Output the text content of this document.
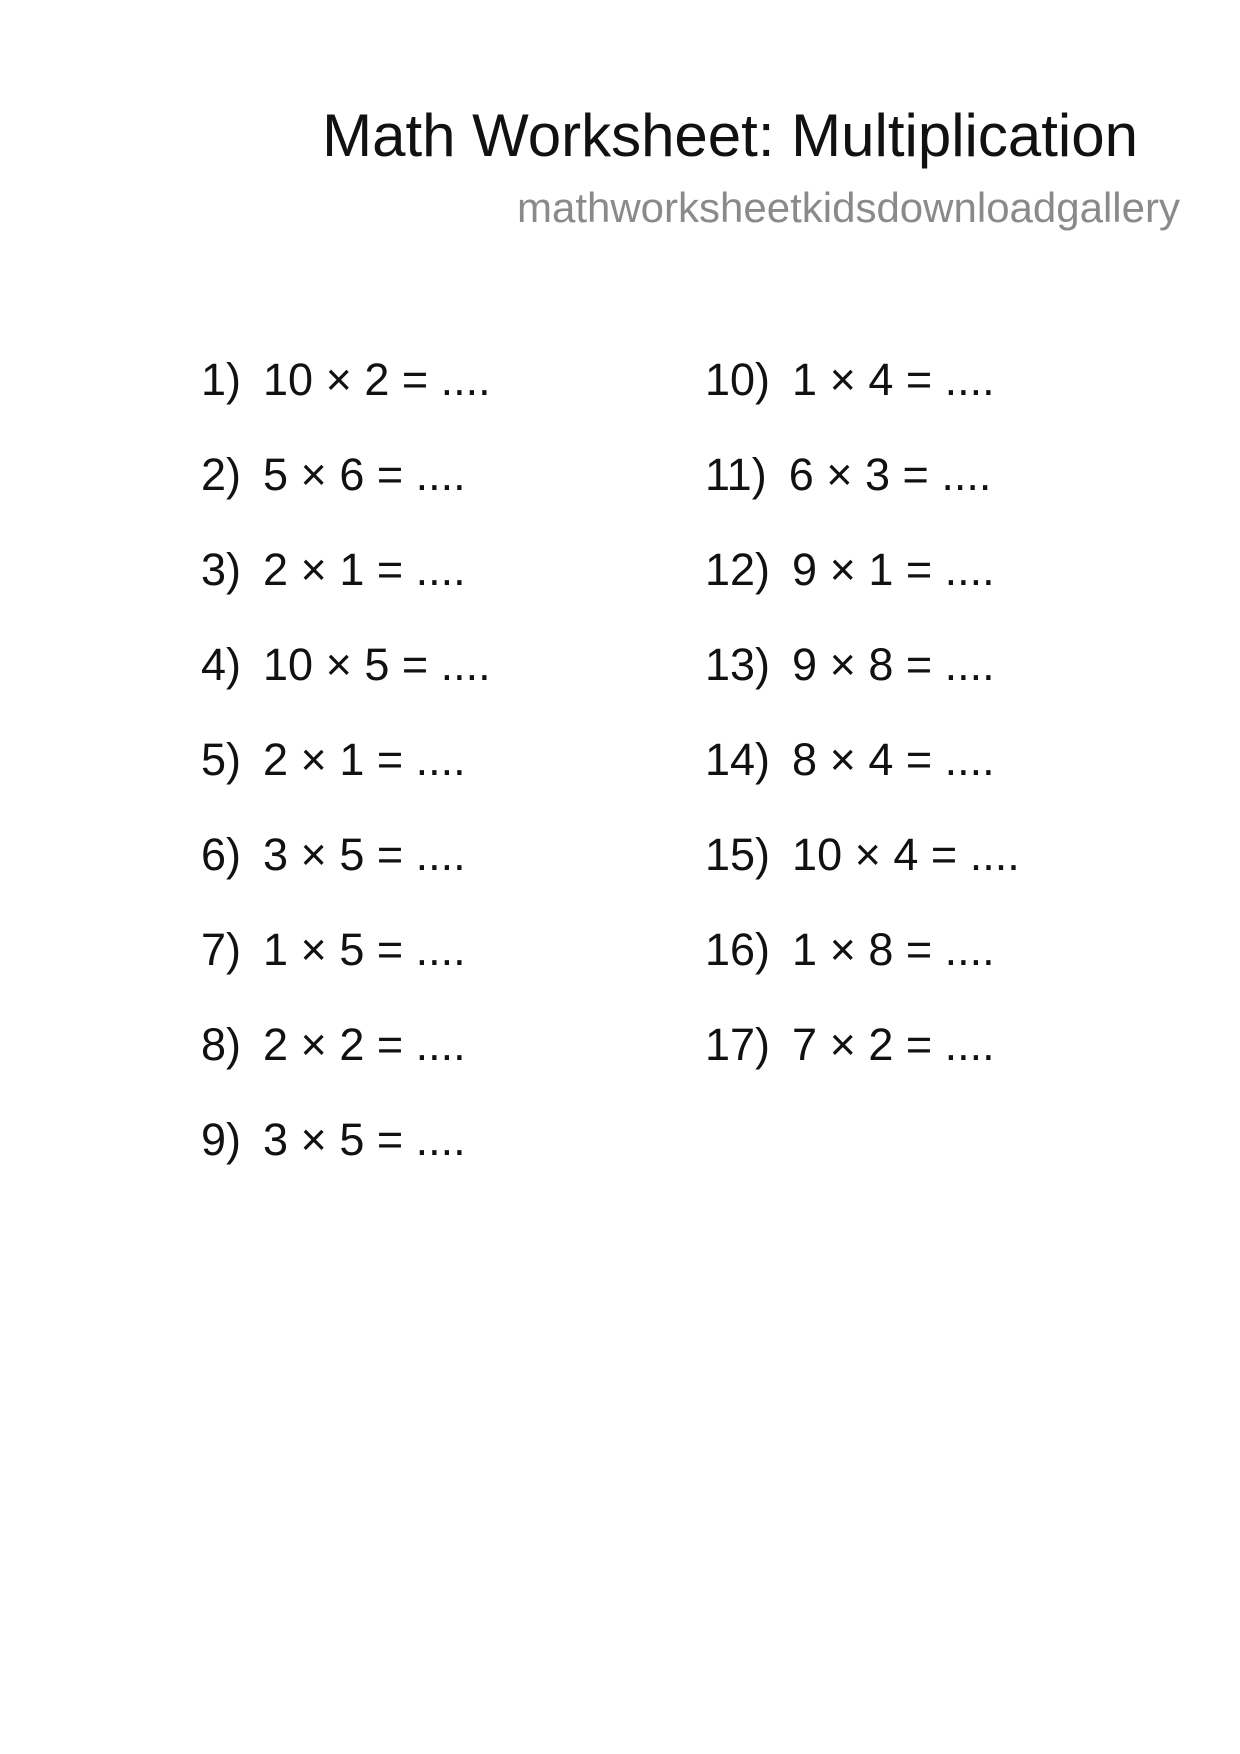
Math Worksheet: Multiplication
mathworksheetkidsdownloadgallery
1) 10 × 2 = ....
2) 5 × 6 = ....
3) 2 × 1 = ....
4) 10 × 5 = ....
5) 2 × 1 = ....
6) 3 × 5 = ....
7) 1 × 5 = ....
8) 2 × 2 = ....
9) 3 × 5 = ....
10) 1 × 4 = ....
11) 6 × 3 = ....
12) 9 × 1 = ....
13) 9 × 8 = ....
14) 8 × 4 = ....
15) 10 × 4 = ....
16) 1 × 8 = ....
17) 7 × 2 = ....
